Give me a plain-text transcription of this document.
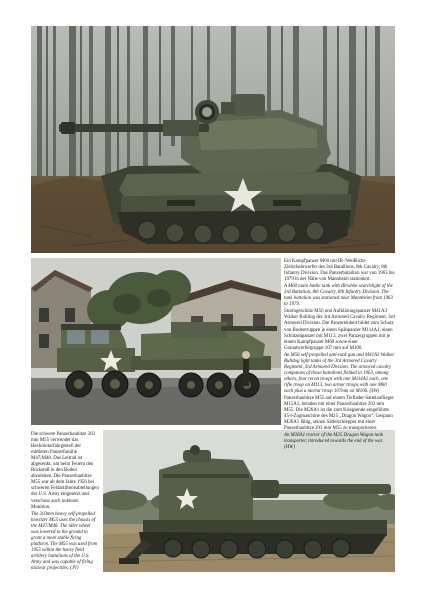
Ein Kampfpanzer M60 mit IR-/Weißlicht-Zielscheinwerfer des 3rd Bataillons, 8th Cavalry, 8th Infantry Division. Das Panzerbataillon war von 1963 bis 1979 in der Nähe von Mannheim stationiert.

A M60 main battle tank with IR/white searchlight of the 3rd Battalion, 8th Cavalry, 8th Infantry Division. The tank battalion was stationed near Mannheim from 1963 to 1979.

Sturmgeschütz M56 und Aufklärungspanzer M41A3 Walker Bulldog der 3rd Armored Cavalry Regiment, 3rd Armored Division. Die Panzereinheit bildet zum Schutz von Bodentruppen je einen Spähpanzer M114A1, einen Schützenpanzer mit M113, zwei Panzergruppen mit je einem Kampfpanzer M60 sowie einer Granatwerfergruppe 107 mm auf M106.

An M56 self-propelled anti-tank gun and M41A3 Walker Bulldog light tanks of the 3rd Armored Cavalry Regiment, 3rd Armored Division. The armored cavalry companies of those battalions fielded in 1963, among others, four recon troops with one M114A1 each, one rifle troop on M113, two armor troops with one M60 each plus a mortar troop 107mm on M106. (SW)

Panzerhaubitze M55 auf einem Tieflader-Sattelauflieger M15A1, beladen mit einer Panzerhaubitze 203 mm M55. Die M26A1 ist die zum Kriegsende eingeführte 45-t-Zugmaschine des M25 „Dragon Wagon“. Gespann M26A1 fähig, seinen Sattelschlepper mit einer Panzerhaubitze 203 mm M55 zu transportieren.

An M26A1 tractor of the M25 Dragon Wagon tank transporter, introduced towards the end of the war. (HW)

Die schwere Panzerhaubitze 203 mm M55 verwendet das Heckmotorfahrgestell der mittleren Panzerfamilie M47/M48. Das Leitrad ist abgesenkt, um beim Feuern den Rückstoß in den Boden abzuleiten. Die Panzerhaubitze M55 war ab dem Jahre 1956 bei schweren Feldartillerieabteilungen der U.S. Army eingesetzt und verschoss auch nukleare Munition.

The 203mm heavy self-propelled howitzer M55 uses the chassis of the M47/M48. The idler wheel was lowered to the ground to grant a more stable firing platform. The M55 was used from 1955 within the heavy field artillery battalions of the U.S. Army and was capable of firing nuclear projectiles. (JV)
